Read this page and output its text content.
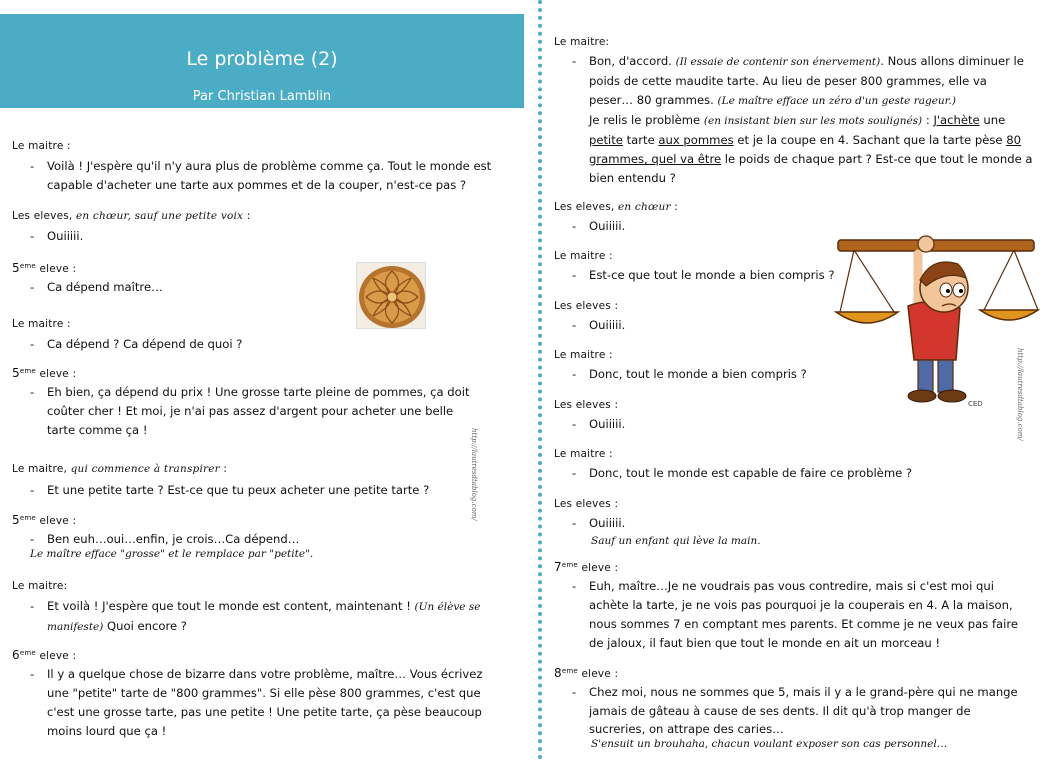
Le problème (2)
Par Christian Lamblin
Le maitre :
- Voilà ! J'espère qu'il n'y aura plus de problème comme ça. Tout le monde est
capable d'acheter une tarte aux pommes et de la couper, n'est-ce pas ?
Les eleves, en chœur, sauf une petite voix :
- Ouiiiii.
5eme eleve :
- Ca dépend maître…
Le maitre :
- Ca dépend ? Ca dépend de quoi ?
5eme eleve :
- Eh bien, ça dépend du prix ! Une grosse tarte pleine de pommes, ça doit
coûter cher ! Et moi, je n'ai pas assez d'argent pour acheter une belle
tarte comme ça !
Le maitre, qui commence à transpirer :
- Et une petite tarte ? Est-ce que tu peux acheter une petite tarte ?
5eme eleve :
- Ben euh…oui…enfin, je crois…Ca dépend…
Le maître efface "grosse" et le remplace par "petite".
Le maitre:
- Et voilà ! J'espère que tout le monde est content, maintenant ! (Un élève se
manifeste) Quoi encore ?
6eme eleve :
- Il y a quelque chose de bizarre dans votre problème, maître… Vous écrivez
une "petite" tarte de "800 grammes". Si elle pèse 800 grammes, c'est que
c'est une grosse tarte, pas une petite ! Une petite tarte, ça pèse beaucoup
moins lourd que ça !
http://lautresdtablog.com/
Le maitre:
- Bon, d'accord. (Il essaie de contenir son énervement). Nous allons diminuer le
poids de cette maudite tarte. Au lieu de peser 800 grammes, elle va
peser… 80 grammes. (Le maître efface un zéro d'un geste rageur.)
Je relis le problème (en insistant bien sur les mots soulignés) : J'achète une
petite tarte aux pommes et je la coupe en 4. Sachant que la tarte pèse 80
grammes, quel va être le poids de chaque part ? Est-ce que tout le monde a
bien entendu ?
Les eleves, en chœur :
- Ouiiiii.
Le maitre :
- Est-ce que tout le monde a bien compris ?
Les eleves :
- Ouiiiii.
Le maitre :
- Donc, tout le monde a bien compris ?
Les eleves :
- Ouiiiii.
Le maitre :
- Donc, tout le monde est capable de faire ce problème ?
Les eleves :
- Ouiiiii.
Sauf un enfant qui lève la main.
7eme eleve :
- Euh, maître…Je ne voudrais pas vous contredire, mais si c'est moi qui
achète la tarte, je ne vois pas pourquoi je la couperais en 4. A la maison,
nous sommes 7 en comptant mes parents. Et comme je ne veux pas faire
de jaloux, il faut bien que tout le monde en ait un morceau !
8eme eleve :
- Chez moi, nous ne sommes que 5, mais il y a le grand-père qui ne mange
jamais de gâteau à cause de ses dents. Il dit qu'à trop manger de
sucreries, on attrape des caries…
S'ensuit un brouhaha, chacun voulant exposer son cas personnel…
CED	http://lautresdtablog.com/
